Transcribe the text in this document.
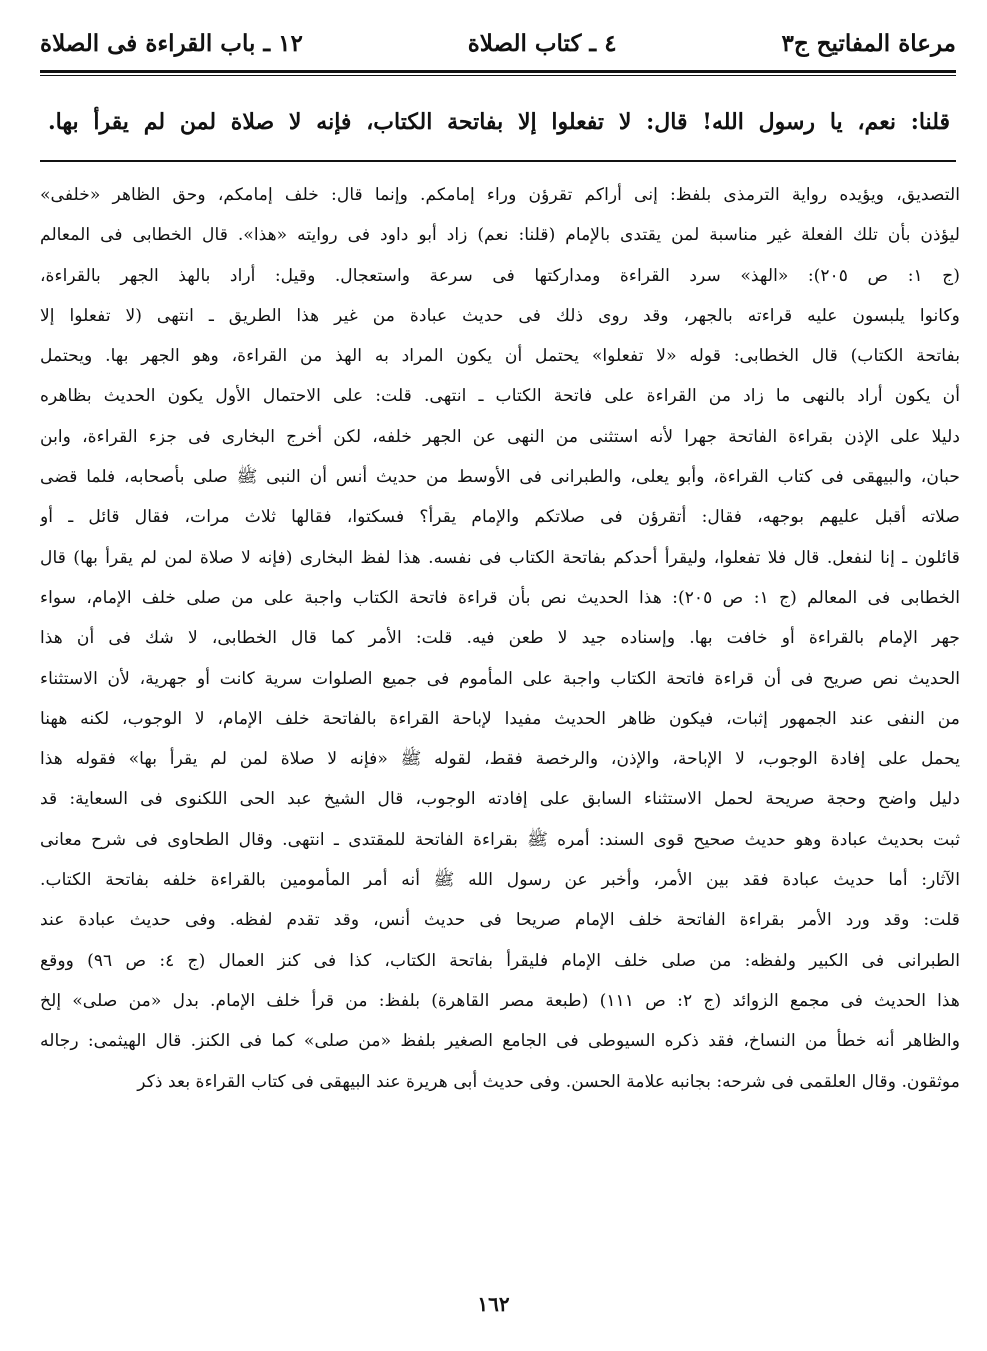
مرعاة المفاتيح ج٣
٤ ـ كتاب الصلاة
١٢ ـ باب القراءة فى الصلاة
قلنا: نعم، يا رسول الله! قال: لا تفعلوا إلا بفاتحة الكتاب، فإنه لا صلاة لمن لم يقرأ بها.
التصديق، ويؤيده رواية الترمذى بلفظ: إنى أراكم تقرؤن وراء إمامكم. وإنما قال: خلف إمامكم، وحق الظاهر «خلفى»
ليؤذن بأن تلك الفعلة غير مناسبة لمن يقتدى بالإمام (قلنا: نعم) زاد أبو داود فى روايته «هذا». قال الخطابى فى المعالم
(ج ١: ص ٢٠٥): «الهذ» سرد القراءة ومداركتها فى سرعة واستعجال. وقيل: أراد بالهذ الجهر بالقراءة،
وكانوا يلبسون عليه قراءته بالجهر، وقد روى ذلك فى حديث عبادة من غير هذا الطريق ـ انتهى (لا تفعلوا إلا
بفاتحة الكتاب) قال الخطابى: قوله «لا تفعلوا» يحتمل أن يكون المراد به الهذ من القراءة، وهو الجهر بها. ويحتمل
أن يكون أراد بالنهى ما زاد من القراءة على فاتحة الكتاب ـ انتهى. قلت: على الاحتمال الأول يكون الحديث بظاهره
دليلا على الإذن بقراءة الفاتحة جهرا لأنه استثنى من النهى عن الجهر خلفه، لكن أخرج البخارى فى جزء القراءة، وابن
حبان، والبيهقى فى كتاب القراءة، وأبو يعلى، والطبرانى فى الأوسط من حديث أنس أن النبى ﷺ صلى بأصحابه، فلما قضى
صلاته أقبل عليهم بوجهه، فقال: أتقرؤن فى صلاتكم والإمام يقرأ؟ فسكتوا، فقالها ثلاث مرات، فقال قائل ـ أو
قائلون ـ إنا لنفعل. قال فلا تفعلوا، وليقرأ أحدكم بفاتحة الكتاب فى نفسه. هذا لفظ البخارى (فإنه لا صلاة لمن لم يقرأ بها) قال
الخطابى فى المعالم (ج ١: ص ٢٠٥): هذا الحديث نص بأن قراءة فاتحة الكتاب واجبة على من صلى خلف الإمام، سواء
جهر الإمام بالقراءة أو خافت بها. وإسناده جيد لا طعن فيه. قلت: الأمر كما قال الخطابى، لا شك فى أن هذا
الحديث نص صريح فى أن قراءة فاتحة الكتاب واجبة على المأموم فى جميع الصلوات سرية كانت أو جهرية، لأن الاستثناء
من النفى عند الجمهور إثبات، فيكون ظاهر الحديث مفيدا لإباحة القراءة بالفاتحة خلف الإمام، لا الوجوب، لكنه ههنا
يحمل على إفادة الوجوب، لا الإباحة، والإذن، والرخصة فقط، لقوله ﷺ «فإنه لا صلاة لمن لم يقرأ بها» فقوله هذا
دليل واضح وحجة صريحة لحمل الاستثناء السابق على إفادته الوجوب، قال الشيخ عبد الحى اللكنوى فى السعاية: قد
ثبت بحديث عبادة وهو حديث صحيح قوى السند: أمره ﷺ بقراءة الفاتحة للمقتدى ـ انتهى. وقال الطحاوى فى شرح معانى
الآثار: أما حديث عبادة فقد بين الأمر، وأخبر عن رسول الله ﷺ أنه أمر المأمومين بالقراءة خلفه بفاتحة الكتاب.
قلت: وقد ورد الأمر بقراءة الفاتحة خلف الإمام صريحا فى حديث أنس، وقد تقدم لفظه. وفى حديث عبادة عند
الطبرانى فى الكبير ولفظه: من صلى خلف الإمام فليقرأ بفاتحة الكتاب، كذا فى كنز العمال (ج ٤: ص ٩٦) ووقع
هذا الحديث فى مجمع الزوائد (ج ٢: ص ١١١) (طبعة مصر القاهرة) بلفظ: من قرأ خلف الإمام. بدل «من صلى» إلخ
والظاهر أنه خطأ من النساخ، فقد ذكره السيوطى فى الجامع الصغير بلفظ «من صلى» كما فى الكنز. قال الهيثمى: رجاله
موثقون. وقال العلقمى فى شرحه: بجانبه علامة الحسن. وفى حديث أبى هريرة عند البيهقى فى كتاب القراءة بعد ذكر
١٦٢
